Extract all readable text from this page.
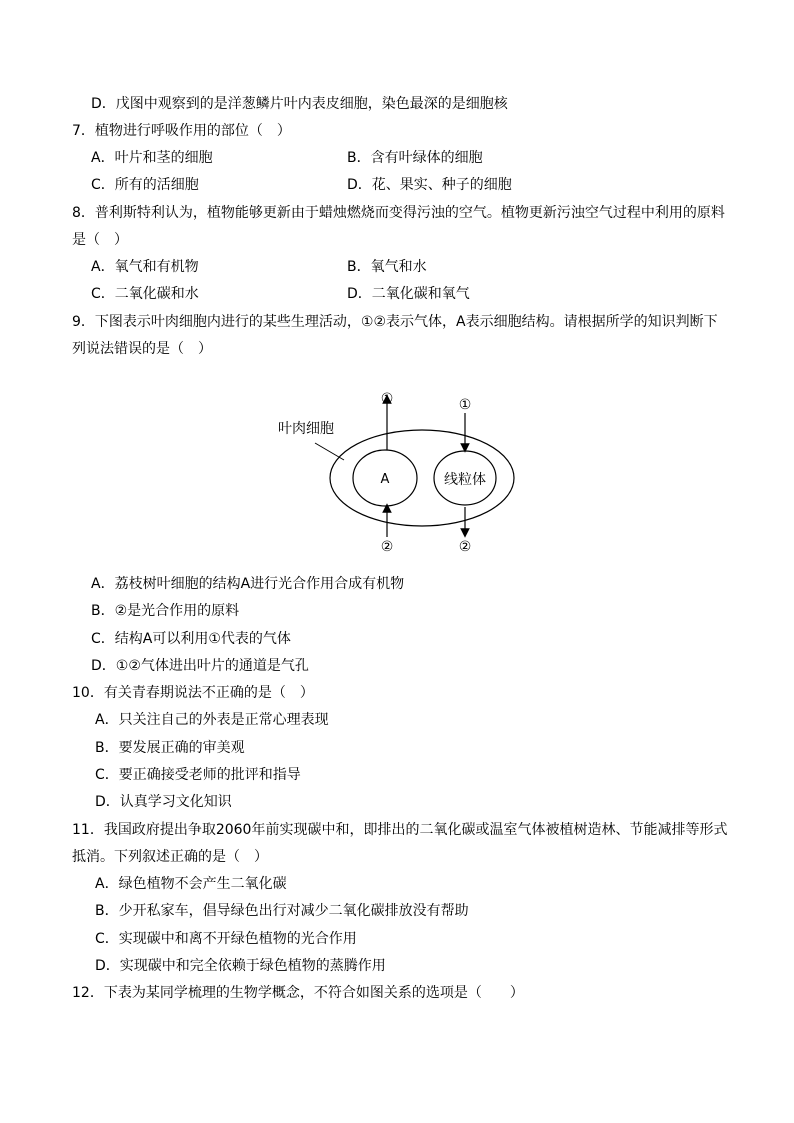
D．戊图中观察到的是洋葱鳞片叶内表皮细胞，染色最深的是细胞核
7．植物进行呼吸作用的部位（　）
A．叶片和茎的细胞	B．含有叶绿体的细胞
C．所有的活细胞	D．花、果实、种子的细胞
8．普利斯特利认为，植物能够更新由于蜡烛燃烧而变得污浊的空气。植物更新污浊空气过程中利用的原料
是（　）
A．氧气和有机物	B．氧气和水
C．二氧化碳和水	D．二氧化碳和氧气
9．下图表示叶肉细胞内进行的某些生理活动，①②表示气体，A表示细胞结构。请根据所学的知识判断下
列说法错误的是（　）
叶肉细胞
A	线粒体
①	①
②	②
A．荔枝树叶细胞的结构A进行光合作用合成有机物
B．②是光合作用的原料
C．结构A可以利用①代表的气体
D．①②气体进出叶片的通道是气孔
10．有关青春期说法不正确的是（　）
A．只关注自己的外表是正常心理表现
B．要发展正确的审美观
C．要正确接受老师的批评和指导
D．认真学习文化知识
11．我国政府提出争取2060年前实现碳中和，即排出的二氧化碳或温室气体被植树造林、节能减排等形式
抵消。下列叙述正确的是（　）
A．绿色植物不会产生二氧化碳
B．少开私家车，倡导绿色出行对减少二氧化碳排放没有帮助
C．实现碳中和离不开绿色植物的光合作用
D．实现碳中和完全依赖于绿色植物的蒸腾作用
12．下表为某同学梳理的生物学概念，不符合如图关系的选项是（　　）
